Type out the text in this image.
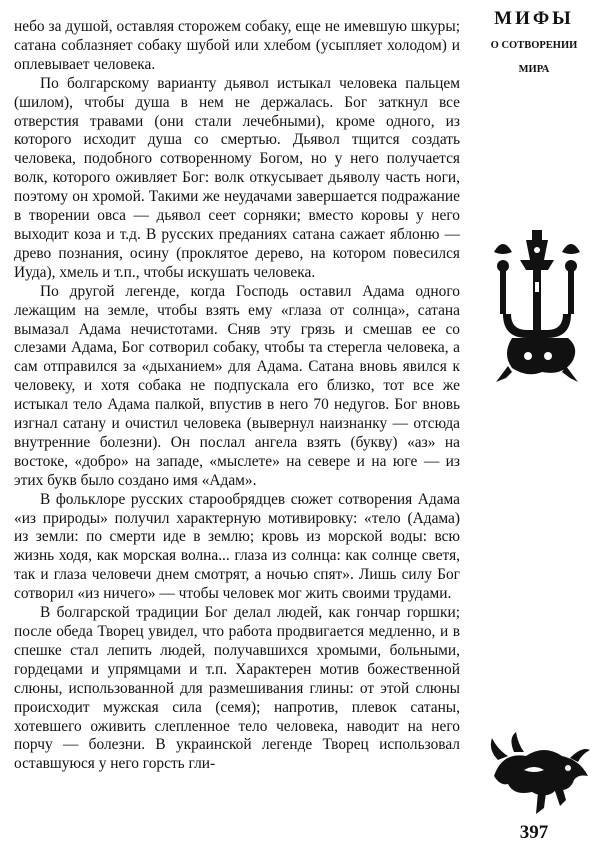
небо за душой, оставляя сторожем собаку, еще не имевшую шкуры; сатана соблазняет собаку шубой или хлебом (усыпляет холодом) и оплевывает человека.

По болгарскому варианту дьявол истыкал человека пальцем (шилом), чтобы душа в нем не держалась. Бог заткнул все отверстия травами (они стали лечебными), кроме одного, из которого исходит душа со смертью. Дьявол тщится создать человека, подобного сотворенному Богом, но у него получается волк, которого оживляет Бог: волк откусывает дьяволу часть ноги, поэтому он хромой. Такими же неудачами завершается подражание в творении овса — дьявол сеет сорняки; вместо коровы у него выходит коза и т.д. В русских преданиях сатана сажает яблоню — древо познания, осину (проклятое дерево, на котором повесился Иуда), хмель и т.п., чтобы искушать человека.

По другой легенде, когда Господь оставил Адама одного лежащим на земле, чтобы взять ему «глаза от солнца», сатана вымазал Адама нечистотами. Сняв эту грязь и смешав ее со слезами Адама, Бог сотворил собаку, чтобы та стерегла человека, а сам отправился за «дыханием» для Адама. Сатана вновь явился к человеку, и хотя собака не подпускала его близко, тот все же истыкал тело Адама палкой, впустив в него 70 недугов. Бог вновь изгнал сатану и очистил человека (вывернул наизнанку — отсюда внутренние болезни). Он послал ангела взять (букву) «аз» на востоке, «добро» на западе, «мыслете» на севере и на юге — из этих букв было создано имя «Адам».

В фольклоре русских старообрядцев сюжет сотворения Адама «из природы» получил характерную мотивировку: «тело (Адама) из земли: по смерти иде в землю; кровь из морской воды: всю жизнь ходя, как морская волна... глаза из солнца: как солнце светя, так и глаза человечи днем смотрят, а ночью спят». Лишь силу Бог сотворил «из ничего» — чтобы человек мог жить своими трудами.

В болгарской традиции Бог делал людей, как гончар горшки; после обеда Творец увидел, что работа продвигается медленно, и в спешке стал лепить людей, получавшихся хромыми, больными, гордецами и упрямцами и т.п. Характерен мотив божественной слюны, использованной для размешивания глины: от этой слюны происходит мужская сила (семя); напротив, плевок сатаны, хотевшего оживить слепленное тело человека, наводит на него порчу — болезни. В украинской легенде Творец использовал оставшуюся у него горсть гли-

МИФЫ
О СОТВОРЕНИИ
МИРА
397
